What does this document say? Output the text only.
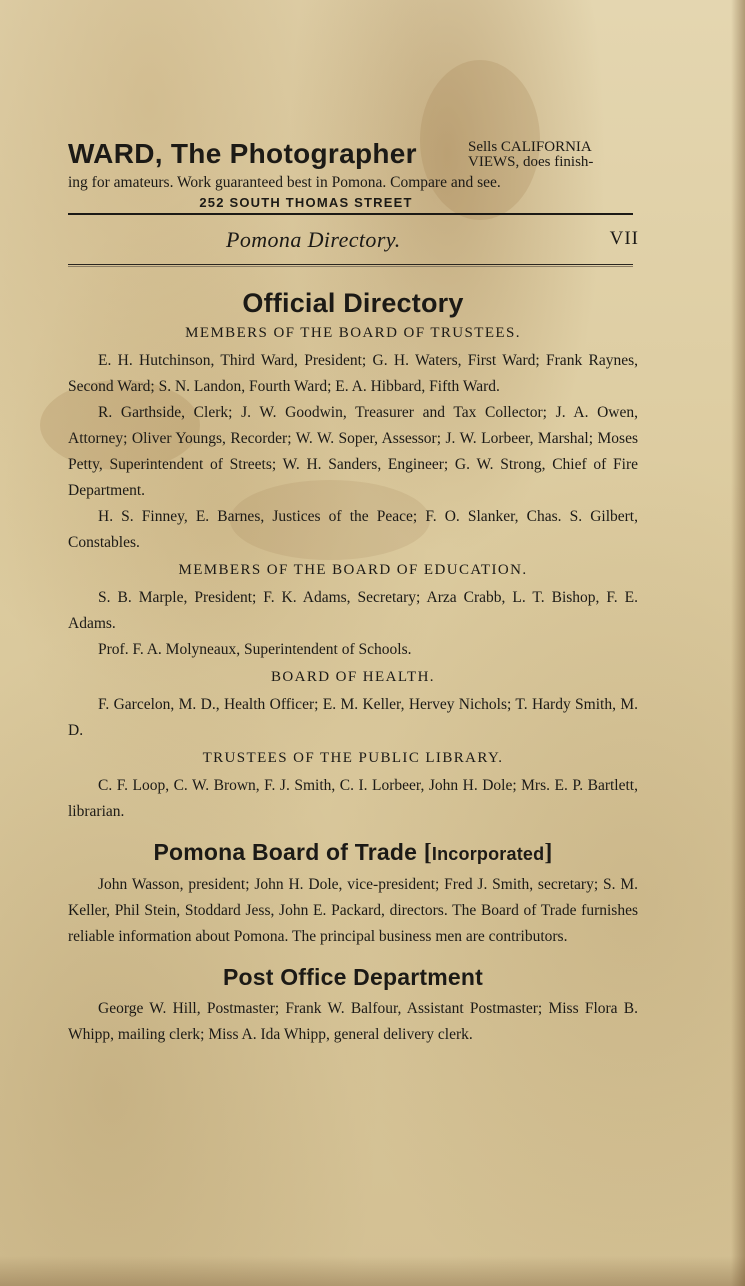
WARD, The Photographer	Sells CALIFORNIA
VIEWS, does finish-
ing for amateurs. Work guaranteed best in Pomona. Compare and see.
252 SOUTH THOMAS STREET
Pomona Directory.	VII
Official Directory
MEMBERS OF THE BOARD OF TRUSTEES.

E. H. Hutchinson, Third Ward, President; G. H. Waters, First Ward; Frank Raynes, Second Ward; S. N. Landon, Fourth Ward; E. A. Hibbard, Fifth Ward.

R. Garthside, Clerk; J. W. Goodwin, Treasurer and Tax Collector; J. A. Owen, Attorney; Oliver Youngs, Recorder; W. W. Soper, Assessor; J. W. Lorbeer, Marshal; Moses Petty, Superintendent of Streets; W. H. Sanders, Engineer; G. W. Strong, Chief of Fire Department.

H. S. Finney, E. Barnes, Justices of the Peace; F. O. Slanker, Chas. S. Gilbert, Constables.

MEMBERS OF THE BOARD OF EDUCATION.

S. B. Marple, President; F. K. Adams, Secretary; Arza Crabb, L. T. Bishop, F. E. Adams.

Prof. F. A. Molyneaux, Superintendent of Schools.

BOARD OF HEALTH.

F. Garcelon, M. D., Health Officer; E. M. Keller, Hervey Nichols; T. Hardy Smith, M. D.

TRUSTEES OF THE PUBLIC LIBRARY.

C. F. Loop, C. W. Brown, F. J. Smith, C. I. Lorbeer, John H. Dole; Mrs. E. P. Bartlett, librarian.

Pomona Board of Trade [Incorporated]

John Wasson, president; John H. Dole, vice-president; Fred J. Smith, secretary; S. M. Keller, Phil Stein, Stoddard Jess, John E. Packard, directors. The Board of Trade furnishes reliable information about Pomona. The principal business men are contributors.

Post Office Department

George W. Hill, Postmaster; Frank W. Balfour, Assistant Postmaster; Miss Flora B. Whipp, mailing clerk; Miss A. Ida Whipp, general delivery clerk.
